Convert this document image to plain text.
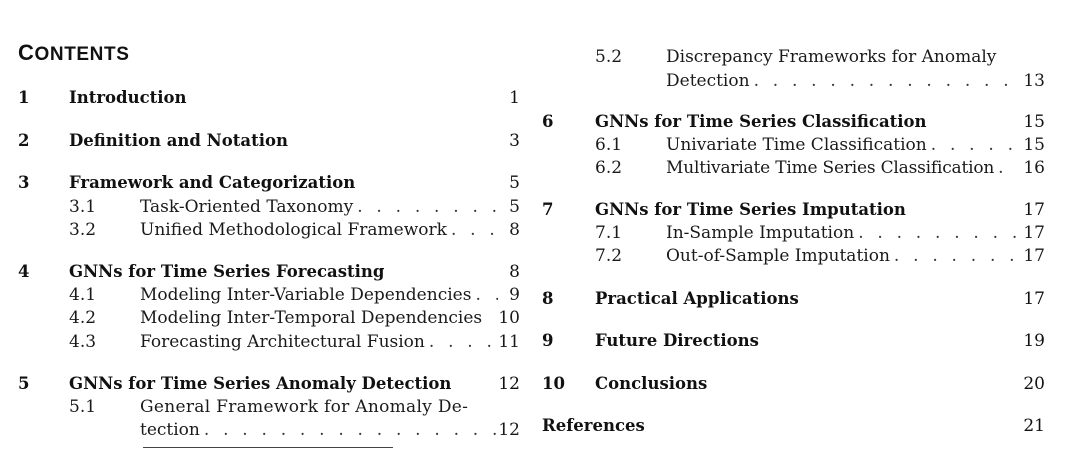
CONTENTS
1 Introduction	1
2 Definition and Notation	3
3 Framework and Categorization	5
3.1	Task-Oriented Taxonomy . . .	5
3.2	Unified Methodological Framework . . .	8
4 GNNs for Time Series Forecasting	8
4.1	Modeling Inter-Variable Dependencies . . . 9
4.2	Modeling Inter-Temporal Dependencies 10
4.3	Forecasting Architectural Fusion . . .	11
5 GNNs for Time Series Anomaly Detection	12
5.1	General Framework for Anomaly De-
tection . . .	12
5.2	Discrepancy Frameworks for Anomaly
Detection . . .	13
6	GNNs for Time Series Classification	15
6.1	Univariate Time Classification . . .	15
6.2	Multivariate Time Series Classification . . . 16
7	GNNs for Time Series Imputation	17
7.1	In-Sample Imputation . . .	17
7.2	Out-of-Sample Imputation . . .	17
8	Practical Applications	17
9	Future Directions	19
10 Conclusions	20
References	21
